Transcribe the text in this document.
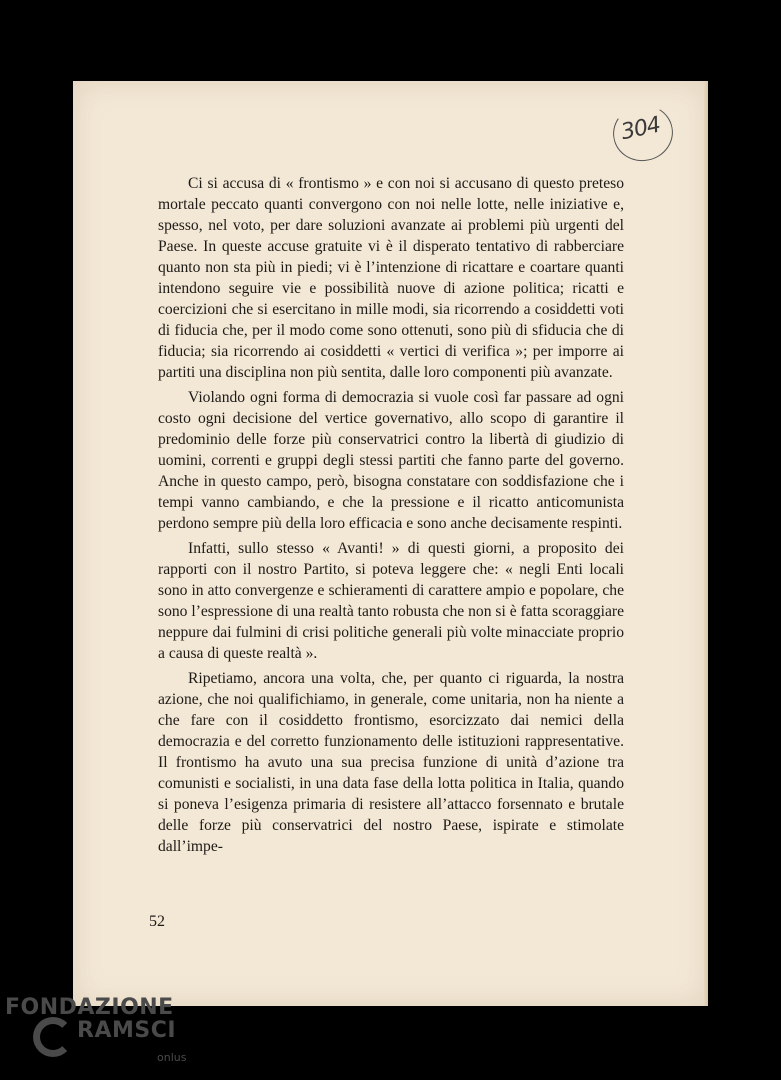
304

Ci si accusa di « frontismo » e con noi si accusano di questo preteso mortale peccato quanti convergono con noi nelle lotte, nelle iniziative e, spesso, nel voto, per dare soluzioni avanzate ai problemi più urgenti del Paese. In queste accuse gratuite vi è il disperato tentativo di rabberciare quanto non sta più in piedi; vi è l’intenzione di ricattare e coartare quanti intendono seguire vie e possibilità nuove di azione politica; ricatti e coercizioni che si esercitano in mille modi, sia ricorrendo a cosiddetti voti di fiducia che, per il modo come sono ottenuti, sono più di sfiducia che di fiducia; sia ricorrendo ai cosiddetti « vertici di verifica »; per imporre ai partiti una disciplina non più sentita, dalle loro componenti più avanzate.

Violando ogni forma di democrazia si vuole così far passare ad ogni costo ogni decisione del vertice governativo, allo scopo di garantire il predominio delle forze più conservatrici contro la libertà di giudizio di uomini, correnti e gruppi degli stessi partiti che fanno parte del governo. Anche in questo campo, però, bisogna constatare con soddisfazione che i tempi vanno cambiando, e che la pressione e il ricatto anticomunista perdono sempre più della loro efficacia e sono anche decisamente respinti.

Infatti, sullo stesso « Avanti! » di questi giorni, a proposito dei rapporti con il nostro Partito, si poteva leggere che: « negli Enti locali sono in atto convergenze e schieramenti di carattere ampio e popolare, che sono l’espressione di una realtà tanto robusta che non si è fatta scoraggiare neppure dai fulmini di crisi politiche generali più volte minacciate proprio a causa di queste realtà ».

Ripetiamo, ancora una volta, che, per quanto ci riguarda, la nostra azione, che noi qualifichiamo, in generale, come unitaria, non ha niente a che fare con il cosiddetto frontismo, esorcizzato dai nemici della democrazia e del corretto funzionamento delle istituzioni rappresentative. Il frontismo ha avuto una sua precisa funzione di unità d’azione tra comunisti e socialisti, in una data fase della lotta politica in Italia, quando si poneva l’esigenza primaria di resistere all’attacco forsennato e brutale delle forze più conservatrici del nostro Paese, ispirate e stimolate dall’impe-

52
FONDAZIONE
RAMSCI
onlus
